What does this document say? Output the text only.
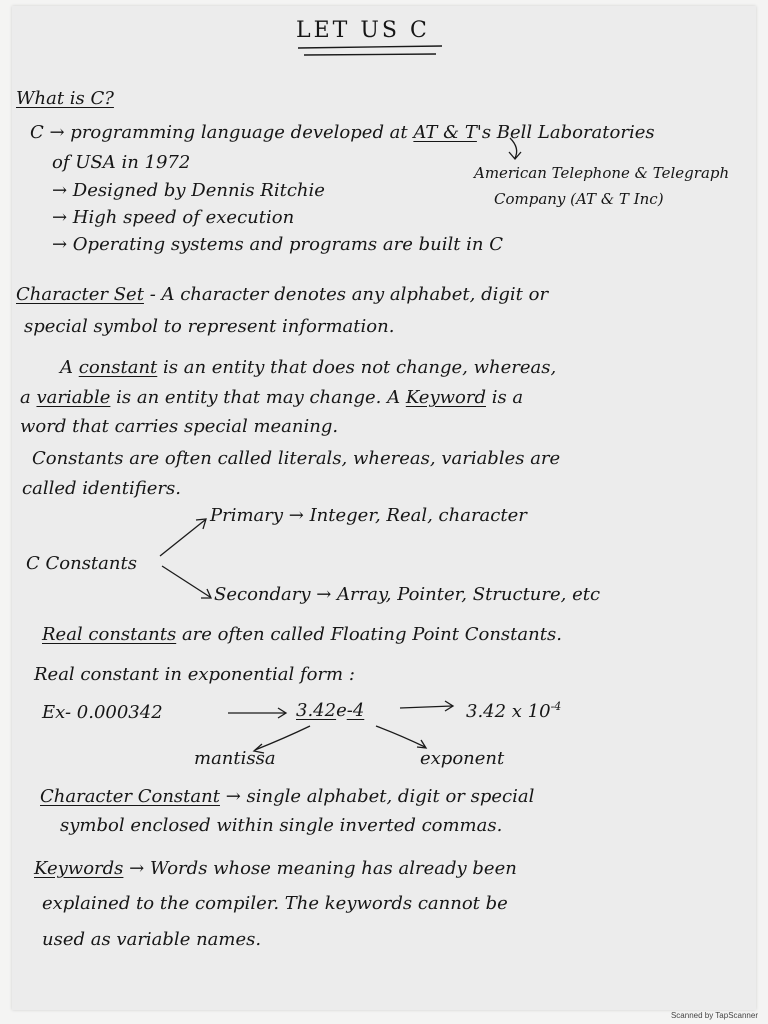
LET US C
What is C?
C → programming language developed at AT & T's Bell Laboratories
of USA in 1972	American Telephone & Telegraph
Company (AT & T Inc)
→ Designed by Dennis Ritchie
→ High speed of execution
→ Operating systems and programs are built in C
Character Set - A character denotes any alphabet, digit or
special symbol to represent information.
A constant is an entity that does not change, whereas,
a variable is an entity that may change. A Keyword is a
word that carries special meaning.
Constants are often called literals, whereas, variables are
called identifiers.
Primary → Integer, Real, character
C Constants
Secondary → Array, Pointer, Structure, etc
Real constants are often called Floating Point Constants.
Real constant in exponential form :
Ex- 0.000342	3.42e-4	3.42 x $10^{-4}$
mantissa	exponent
Character Constant → single alphabet, digit or special
symbol enclosed within single inverted commas.
Keywords → Words whose meaning has already been
explained to the compiler. The keywords cannot be
used as variable names.
Scanned by TapScanner
